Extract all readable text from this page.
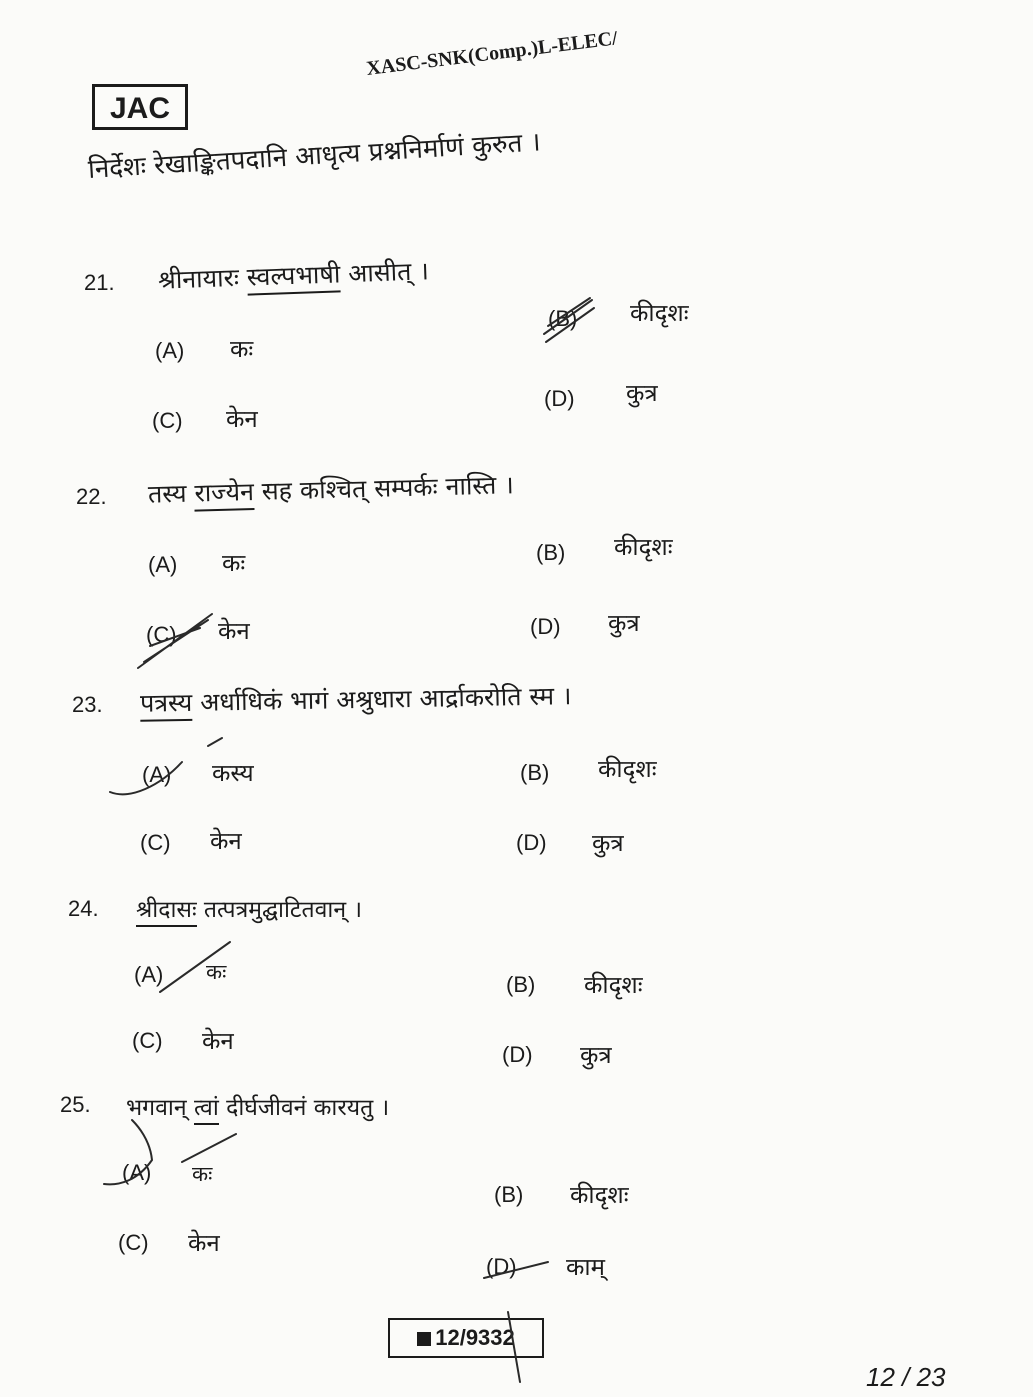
JAC
XASC-SNK(Comp.)L-ELEC/
निर्देशः रेखाङ्कितपदानि आधृत्य प्रश्ननिर्माणं कुरुत ।
21. श्रीनायारः स्वल्पभाषी आसीत् ।
(A) कः
(B) कीदृशः
(C) केन
(D) कुत्र
22. तस्य राज्येन सह कश्चित् सम्पर्कः नास्ति ।
(A) कः	(B) कीदृशः
(C) केन	(D) कुत्र
23. पत्रस्य अर्धाधिकं भागं अश्रुधारा आर्द्राकरोति स्म ।
(A) कस्य	(B) कीदृशः
(C) केन	(D) कुत्र
24. श्रीदासः तत्पत्रमुद्घाटितवान् ।
(A) कः	(B) कीदृशः
(C) केन	(D) कुत्र
25. भगवान् त्वां दीर्घजीवनं कारयतु ।
(A) कः
(B) कीदृशः
(C) केन
(D) काम्
12/9332
12 / 23
